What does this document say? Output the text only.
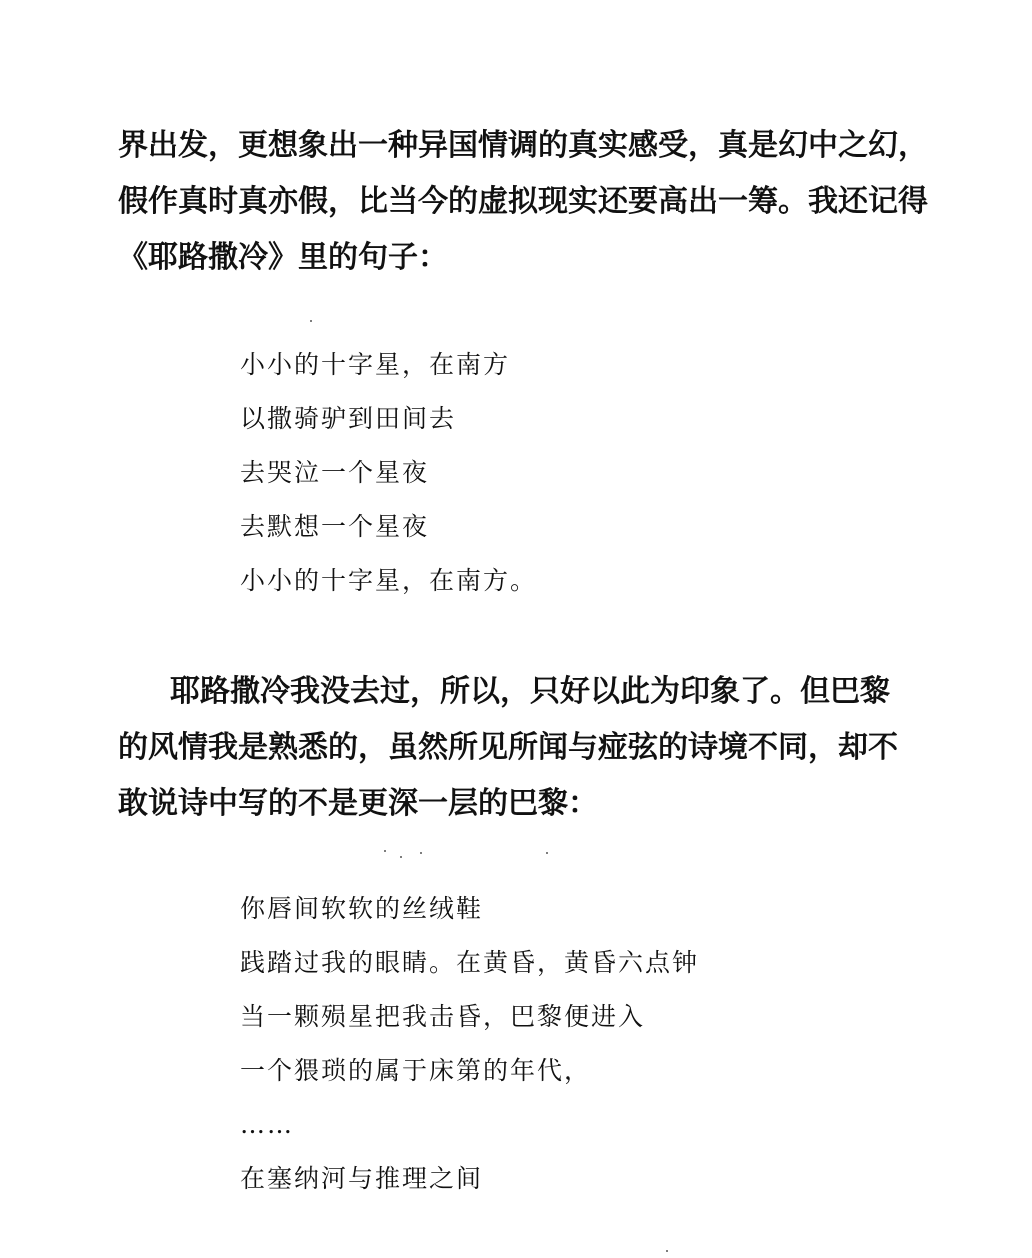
界出发，更想象出一种异国情调的真实感受，真是幻中之幻，
假作真时真亦假，比当今的虚拟现实还要高出一筹。我还记得
《耶路撒冷》里的句子：
小小的十字星，在南方
以撒骑驴到田间去
去哭泣一个星夜
去默想一个星夜
小小的十字星，在南方。
耶路撒冷我没去过，所以，只好以此为印象了。但巴黎
的风情我是熟悉的，虽然所见所闻与痖弦的诗境不同，却不
敢说诗中写的不是更深一层的巴黎：
你唇间软软的丝绒鞋
践踏过我的眼睛。在黄昏，黄昏六点钟
当一颗殒星把我击昏，巴黎便进入
一个猥琐的属于床第的年代，
……
在塞纳河与推理之间
